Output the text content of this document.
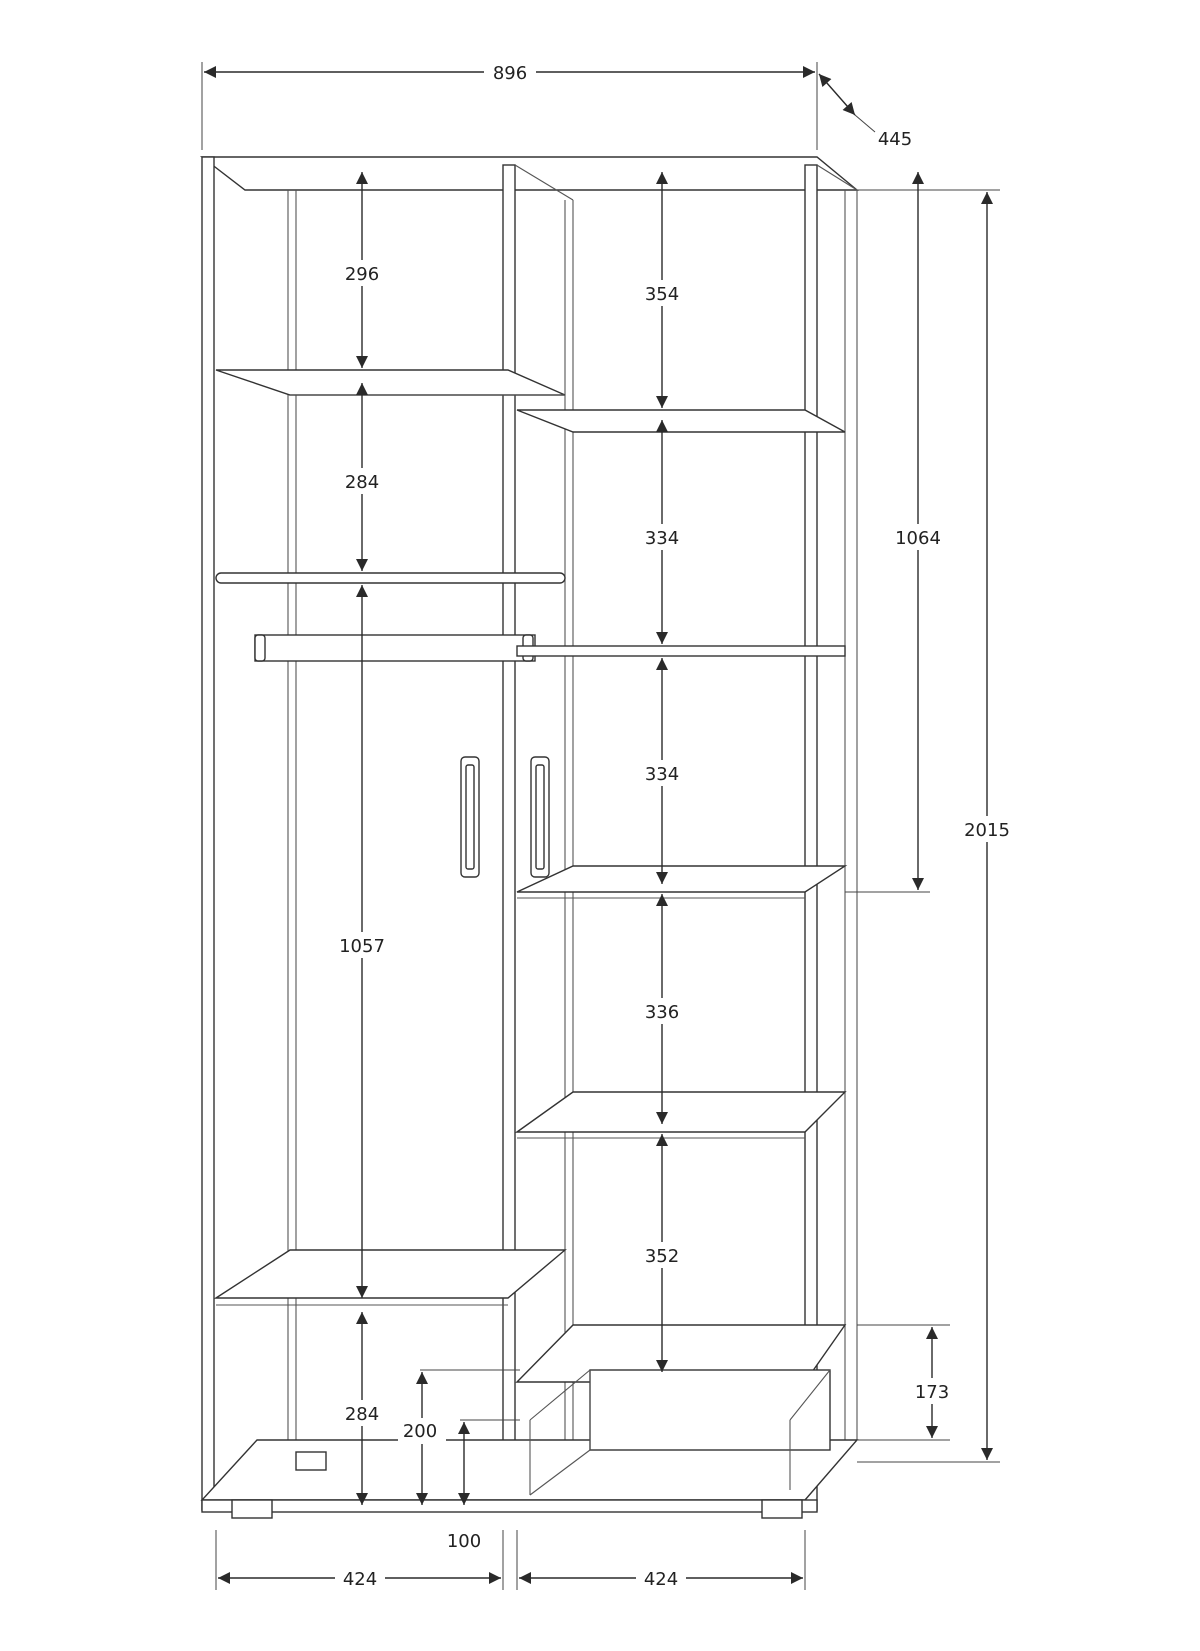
896
445
2015
1064
173
296
284
1057
284
200
100
354
334
334
336
352
424	424
